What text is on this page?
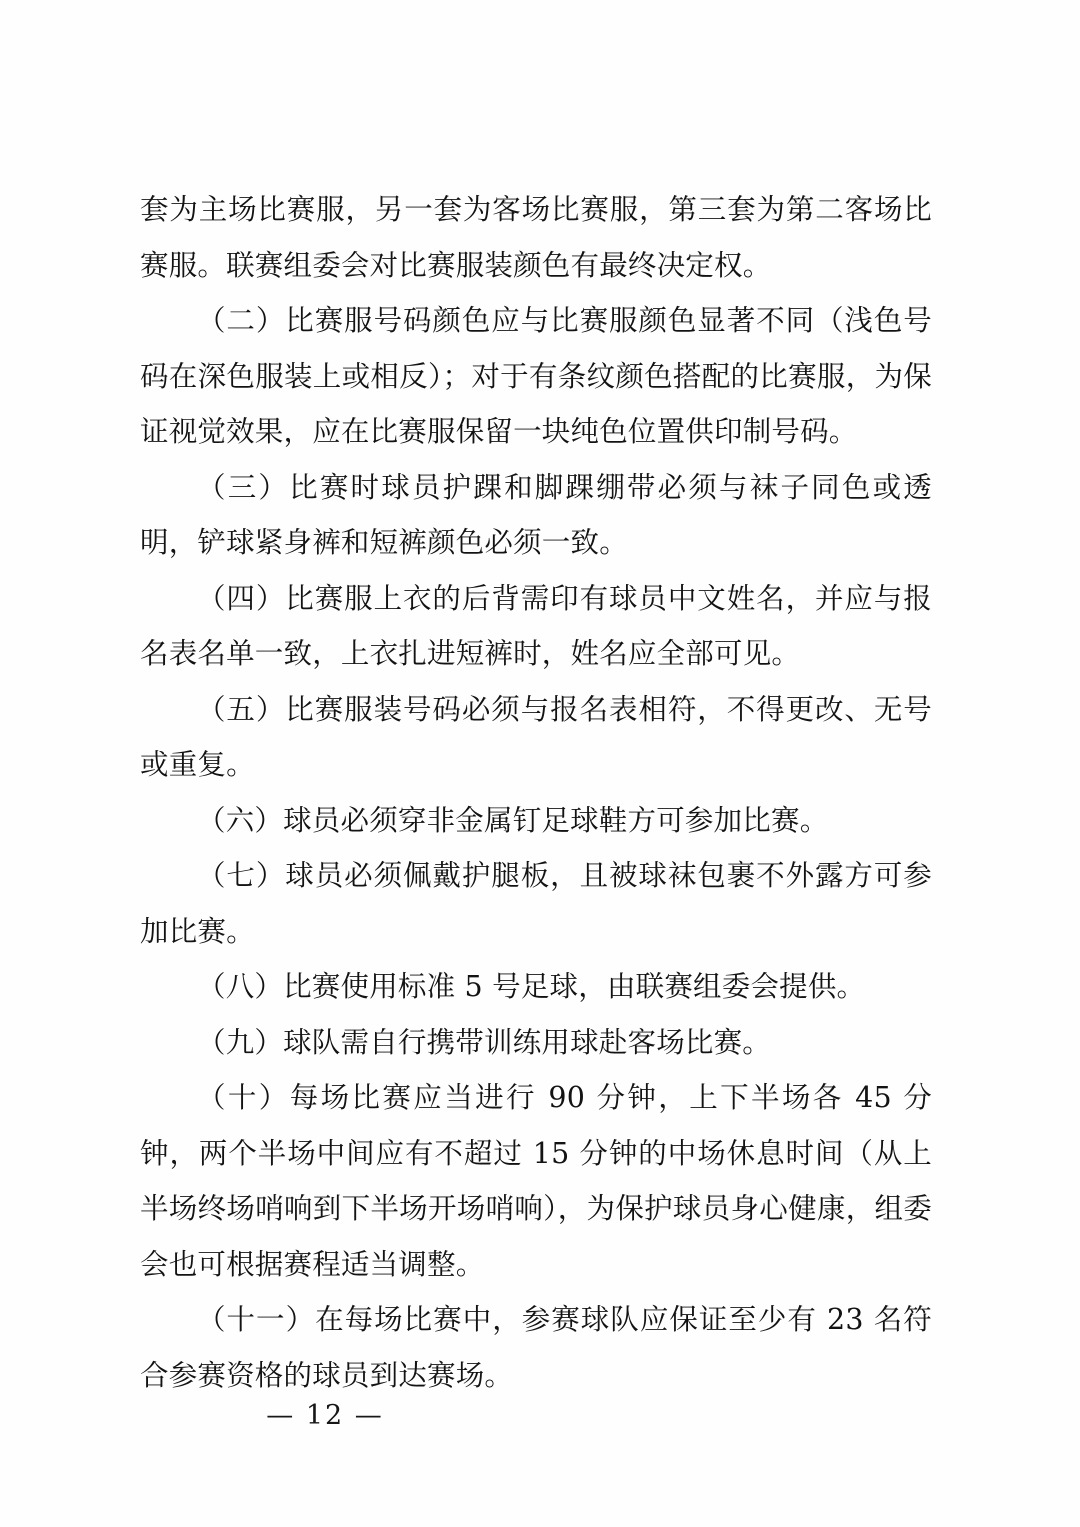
套为主场比赛服，另一套为客场比赛服，第三套为第二客场比赛服。联赛组委会对比赛服装颜色有最终决定权。

（二）比赛服号码颜色应与比赛服颜色显著不同（浅色号码在深色服装上或相反）；对于有条纹颜色搭配的比赛服，为保证视觉效果，应在比赛服保留一块纯色位置供印制号码。

（三）比赛时球员护踝和脚踝绷带必须与袜子同色或透明，铲球紧身裤和短裤颜色必须一致。

（四）比赛服上衣的后背需印有球员中文姓名，并应与报名表名单一致，上衣扎进短裤时，姓名应全部可见。

（五）比赛服装号码必须与报名表相符，不得更改、无号或重复。

（六）球员必须穿非金属钉足球鞋方可参加比赛。

（七）球员必须佩戴护腿板，且被球袜包裹不外露方可参加比赛。

（八）比赛使用标准 5 号足球，由联赛组委会提供。

（九）球队需自行携带训练用球赴客场比赛。

（十）每场比赛应当进行 90 分钟，上下半场各 45 分钟，两个半场中间应有不超过 15 分钟的中场休息时间（从上半场终场哨响到下半场开场哨响），为保护球员身心健康，组委会也可根据赛程适当调整。

（十一）在每场比赛中，参赛球队应保证至少有 23 名符合参赛资格的球员到达赛场。

— 12 —
